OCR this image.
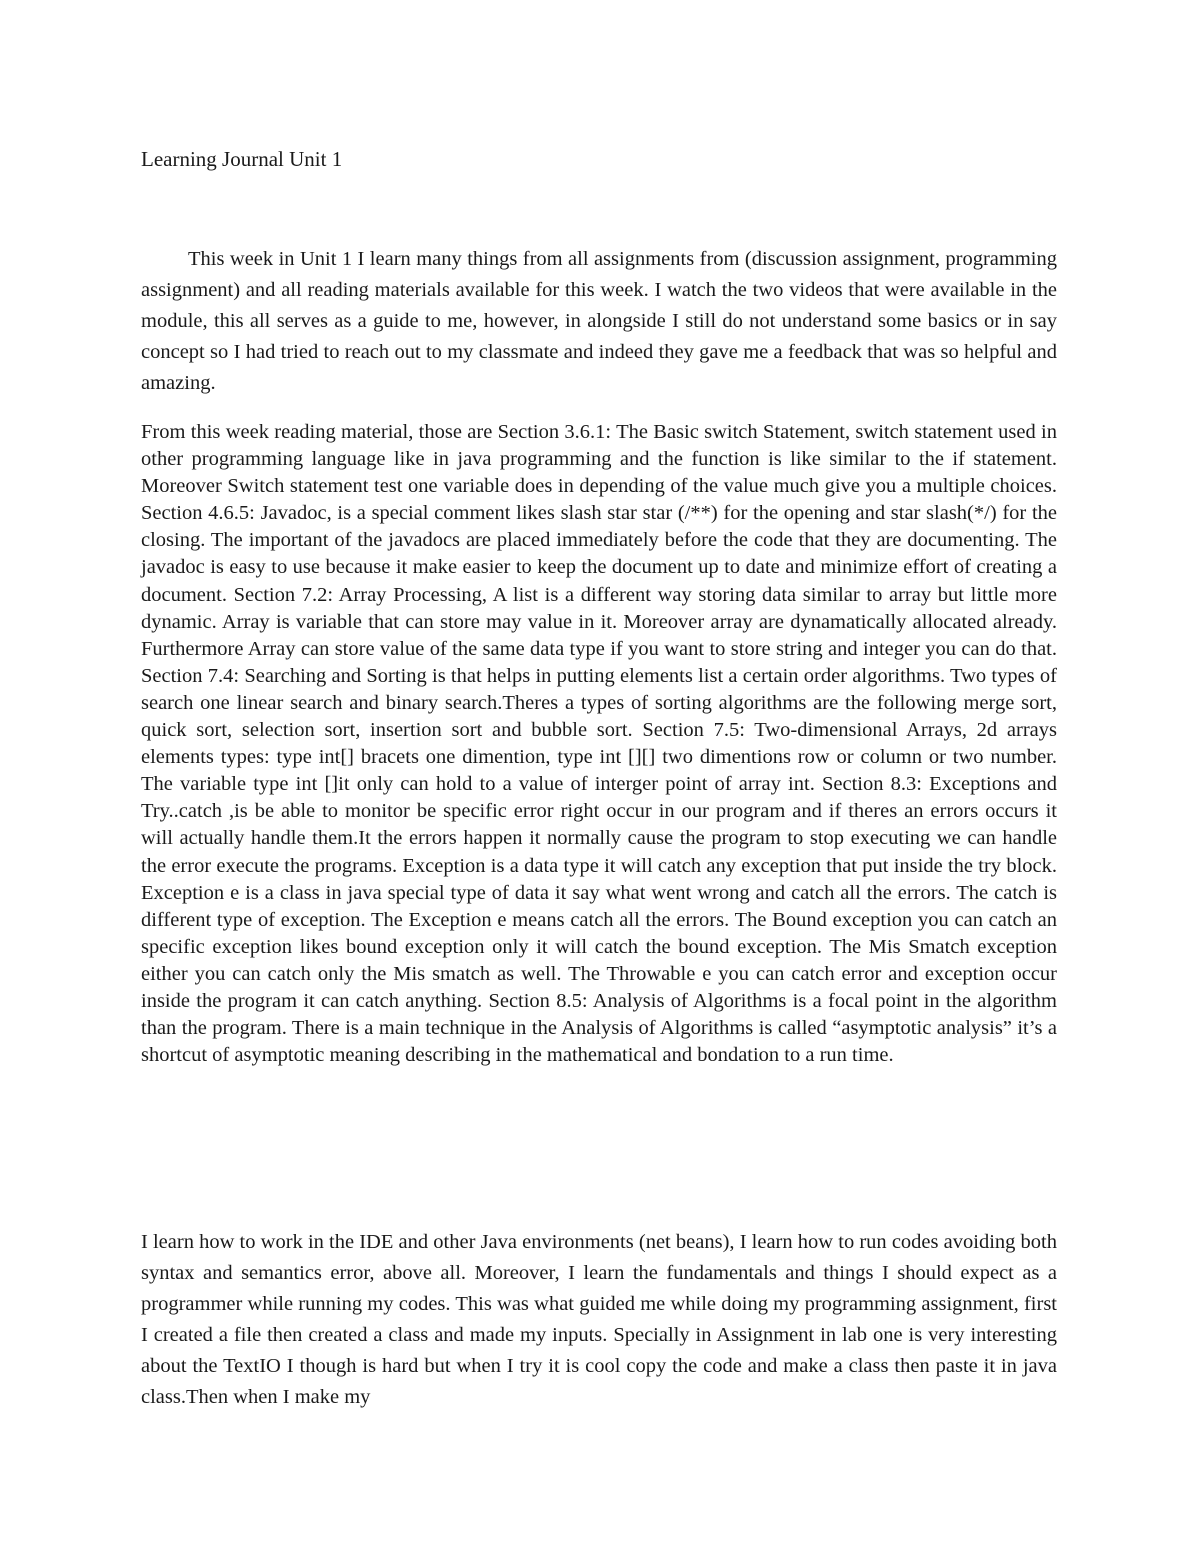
Learning Journal Unit 1

This week in Unit 1 I learn many things from all assignments from (discussion assignment, programming assignment) and all reading materials available for this week. I watch the two videos that were available in the module, this all serves as a guide to me, however, in alongside I still do not understand some basics or in say concept so I had tried to reach out to my classmate and indeed they gave me a feedback that was so helpful and amazing.

From this week reading material, those are Section 3.6.1: The Basic switch Statement, switch statement used in other programming language like in java programming and the function is like similar to the if statement. Moreover Switch statement test one variable does in depending of the value much give you a multiple choices. Section 4.6.5: Javadoc, is a special comment likes slash star star (/**) for the opening and star slash(*/) for the closing. The important of the javadocs are placed immediately before the code that they are documenting. The javadoc is easy to use because it make easier to keep the document up to date and minimize effort of creating a document. Section 7.2: Array Processing, A list is a different way storing data similar to array but little more dynamic. Array is variable that can store may value in it. Moreover array are dynamatically allocated already. Furthermore Array can store value of the same data type if you want to store string and integer you can do that. Section 7.4: Searching and Sorting is that helps in putting elements list a certain order algorithms. Two types of search one linear search and binary search.Theres a types of sorting algorithms are the following merge sort, quick sort, selection sort, insertion sort and bubble sort. Section 7.5: Two-dimensional Arrays, 2d arrays elements types: type int[] bracets one dimention, type int [][] two dimentions row or column or two number. The variable type int []it only can hold to a value of interger point of array int. Section 8.3: Exceptions and Try..catch ,is be able to monitor be specific error right occur in our program and if theres an errors occurs it will actually handle them.It the errors happen it normally cause the program to stop executing we can handle the error execute the programs. Exception is a data type it will catch any exception that put inside the try block. Exception e is a class in java special type of data it say what went wrong and catch all the errors. The catch is different type of exception. The Exception e means catch all the errors. The Bound exception you can catch an specific exception likes bound exception only it will catch the bound exception. The Mis Smatch exception either you can catch only the Mis smatch as well. The Throwable e you can catch error and exception occur inside the program it can catch anything. Section 8.5: Analysis of Algorithms is a focal point in the algorithm than the program. There is a main technique in the Analysis of Algorithms is called “asymptotic analysis” it’s a shortcut of asymptotic meaning describing in the mathematical and bondation to a run time.

I learn how to work in the IDE and other Java environments (net beans), I learn how to run codes avoiding both syntax and semantics error, above all. Moreover, I learn the fundamentals and things I should expect as a programmer while running my codes. This was what guided me while doing my programming assignment, first I created a file then created a class and made my inputs. Specially in Assignment in lab one is very interesting about the TextIO I though is hard but when I try it is cool copy the code and make a class then paste it in java class.Then when I make my
